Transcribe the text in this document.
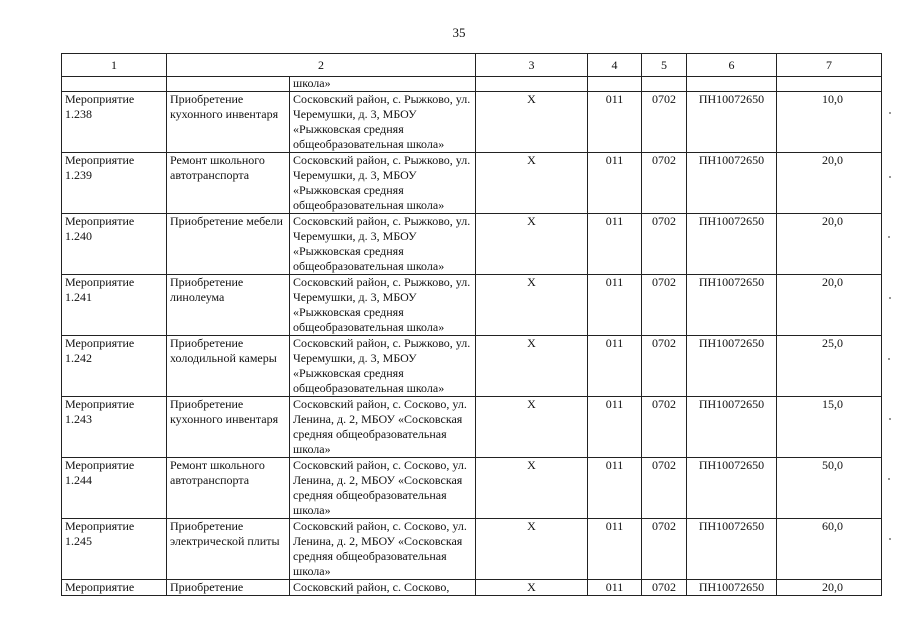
35
1	2		3	4	5	6	7
		школа»					
Мероприятие 1.238	Приобретение кухонного инвентаря	Сосковский район, с. Рыжково, ул. Черемушки, д. 3, МБОУ «Рыжковская средняя общеобразовательная школа»	X	011	0702	ПН10072650	10,0
Мероприятие 1.239	Ремонт школьного автотранспорта	Сосковский район, с. Рыжково, ул. Черемушки, д. 3, МБОУ «Рыжковская средняя общеобразовательная школа»	X	011	0702	ПН10072650	20,0
Мероприятие 1.240	Приобретение мебели	Сосковский район, с. Рыжково, ул. Черемушки, д. 3, МБОУ «Рыжковская средняя общеобразовательная школа»	X	011	0702	ПН10072650	20,0
Мероприятие 1.241	Приобретение линолеума	Сосковский район, с. Рыжково, ул. Черемушки, д. 3, МБОУ «Рыжковская средняя общеобразовательная школа»	X	011	0702	ПН10072650	20,0
Мероприятие 1.242	Приобретение холодильной камеры	Сосковский район, с. Рыжково, ул. Черемушки, д. 3, МБОУ «Рыжковская средняя общеобразовательная школа»	X	011	0702	ПН10072650	25,0
Мероприятие 1.243	Приобретение кухонного инвентаря	Сосковский район, с. Сосково, ул. Ленина, д. 2, МБОУ «Сосковская средняя общеобразовательная школа»	X	011	0702	ПН10072650	15,0
Мероприятие 1.244	Ремонт школьного автотранспорта	Сосковский район, с. Сосково, ул. Ленина, д. 2, МБОУ «Сосковская средняя общеобразовательная школа»	X	011	0702	ПН10072650	50,0
Мероприятие 1.245	Приобретение электрической плиты	Сосковский район, с. Сосково, ул. Ленина, д. 2, МБОУ «Сосковская средняя общеобразовательная школа»	X	011	0702	ПН10072650	60,0
Мероприятие	Приобретение	Сосковский район, с. Сосково,	X	011	0702	ПН10072650	20,0
